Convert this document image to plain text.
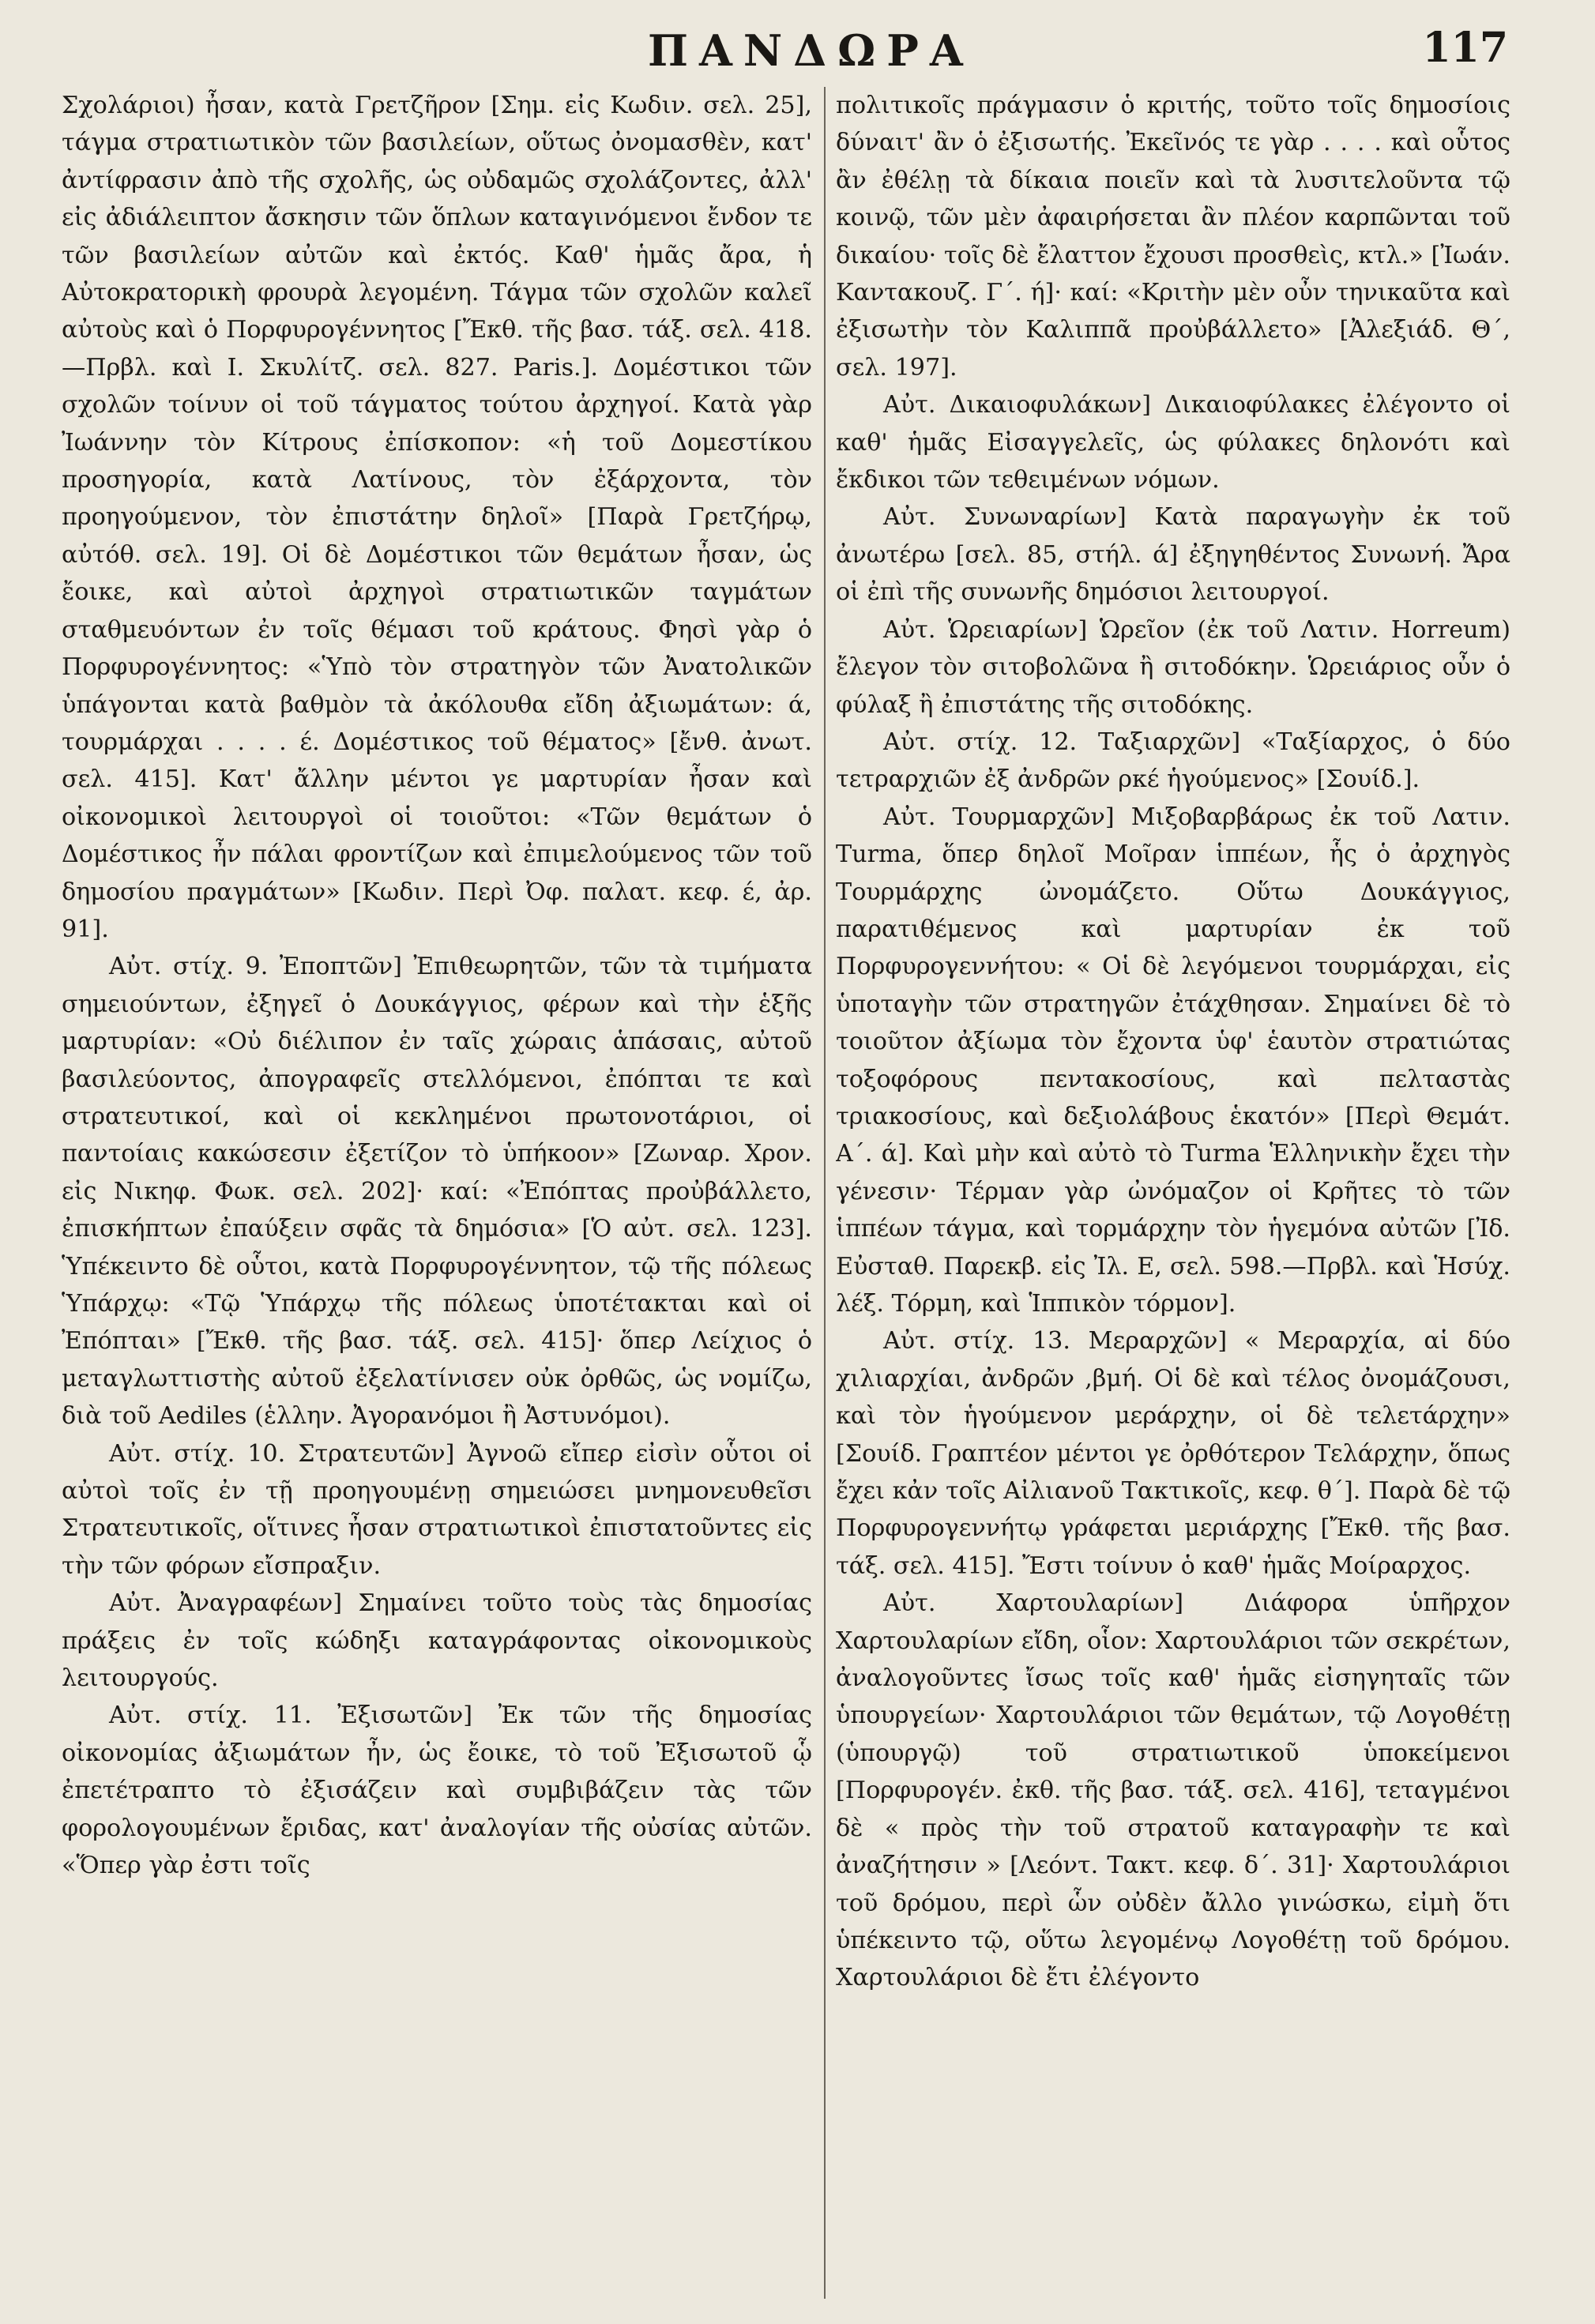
ΠΑΝΔΩΡΑ	117

Σχολάριοι) ἦσαν, κατὰ Γρετζῆρον [Σημ. εἰς Κωδιν. σελ. 25], τάγμα στρατιωτικὸν τῶν βασιλείων, οὕτως ὀνομασθὲν, κατ' ἀντίφρασιν ἀπὸ τῆς σχολῆς, ὡς οὐδαμῶς σχολάζοντες, ἀλλ' εἰς ἀδιάλειπτον ἄσκησιν τῶν ὅπλων καταγινόμενοι ἔνδον τε τῶν βασιλείων αὐτῶν καὶ ἐκτός. Καθ' ἡμᾶς ἄρα, ἡ Αὐτοκρατορικὴ φρουρὰ λεγομένη. Τάγμα τῶν σχολῶν καλεῖ αὐτοὺς καὶ ὁ Πορφυρογέννητος [Ἔκθ. τῆς βασ. τάξ. σελ. 418.—Πρβλ. καὶ Ι. Σκυλίτζ. σελ. 827. Paris.]. Δομέστικοι τῶν σχολῶν τοίνυν οἱ τοῦ τάγματος τούτου ἀρχηγοί. Κατὰ γὰρ Ἰωάννην τὸν Κίτρους ἐπίσκοπον: «ἡ τοῦ Δομεστίκου προσηγορία, κατὰ Λατίνους, τὸν ἐξάρχοντα, τὸν προηγούμενον, τὸν ἐπιστάτην δηλοῖ» [Παρὰ Γρετζήρῳ, αὐτόθ. σελ. 19]. Οἱ δὲ Δομέστικοι τῶν θεμάτων ἦσαν, ὡς ἔοικε, καὶ αὐτοὶ ἀρχηγοὶ στρατιωτικῶν ταγμάτων σταθμευόντων ἐν τοῖς θέμασι τοῦ κράτους. Φησὶ γὰρ ὁ Πορφυρογέννητος: «Ὑπὸ τὸν στρατηγὸν τῶν Ἀνατολικῶν ὑπάγονται κατὰ βαθμὸν τὰ ἀκόλουθα εἴδη ἀξιωμάτων: ά, τουρμάρχαι . . . . έ. Δομέστικος τοῦ θέματος» [ἔνθ. ἀνωτ. σελ. 415]. Κατ' ἄλλην μέντοι γε μαρτυρίαν ἦσαν καὶ οἰκονομικοὶ λειτουργοὶ οἱ τοιοῦτοι: «Τῶν θεμάτων ὁ Δομέστικος ἦν πάλαι φροντίζων καὶ ἐπιμελούμενος τῶν τοῦ δημοσίου πραγμάτων» [Κωδιν. Περὶ Ὀφ. παλατ. κεφ. έ, ἀρ. 91].

Αὐτ. στίχ. 9. Ἐποπτῶν] Ἐπιθεωρητῶν, τῶν τὰ τιμήματα σημειούντων, ἐξηγεῖ ὁ Δουκάγγιος, φέρων καὶ τὴν ἑξῆς μαρτυρίαν: «Οὐ διέλιπον ἐν ταῖς χώραις ἁπάσαις, αὐτοῦ βασιλεύοντος, ἀπογραφεῖς στελλόμενοι, ἐπόπται τε καὶ στρατευτικοί, καὶ οἱ κεκλημένοι πρωτονοτάριοι, οἱ παντοίαις κακώσεσιν ἐξετίζον τὸ ὑπήκοον» [Ζωναρ. Χρον. εἰς Νικηφ. Φωκ. σελ. 202]· καί: «Ἐπόπτας προὐβάλλετο, ἐπισκήπτων ἐπαύξειν σφᾶς τὰ δημόσια» [Ὁ αὐτ. σελ. 123]. Ὑπέκειντο δὲ οὗτοι, κατὰ Πορφυρογέννητον, τῷ τῆς πόλεως Ὑπάρχῳ: «Τῷ Ὑπάρχῳ τῆς πόλεως ὑποτέτακται καὶ οἱ Ἐπόπται» [Ἔκθ. τῆς βασ. τάξ. σελ. 415]· ὅπερ Λείχιος ὁ μεταγλωττιστὴς αὐτοῦ ἐξελατίνισεν οὐκ ὀρθῶς, ὡς νομίζω, διὰ τοῦ Aediles (ἑλλην. Ἀγορανόμοι ἢ Ἀστυνόμοι).

Αὐτ. στίχ. 10. Στρατευτῶν] Ἀγνοῶ εἴπερ εἰσὶν οὗτοι οἱ αὐτοὶ τοῖς ἐν τῇ προηγουμένῃ σημειώσει μνημονευθεῖσι Στρατευτικοῖς, οἵτινες ἦσαν στρατιωτικοὶ ἐπιστατοῦντες εἰς τὴν τῶν φόρων εἴσπραξιν.

Αὐτ. Ἀναγραφέων] Σημαίνει τοῦτο τοὺς τὰς δημοσίας πράξεις ἐν τοῖς κώδηξι καταγράφοντας οἰκονομικοὺς λειτουργούς.

Αὐτ. στίχ. 11. Ἐξισωτῶν] Ἐκ τῶν τῆς δημοσίας οἰκονομίας ἀξιωμάτων ἦν, ὡς ἔοικε, τὸ τοῦ Ἐξισωτοῦ ᾧ ἐπετέτραπτο τὸ ἐξισάζειν καὶ συμβιβάζειν τὰς τῶν φορολογουμένων ἔριδας, κατ' ἀναλογίαν τῆς οὐσίας αὐτῶν. «Ὅπερ γὰρ ἐστι τοῖς

πολιτικοῖς πράγμασιν ὁ κριτής, τοῦτο τοῖς δημοσίοις δύναιτ' ἂν ὁ ἐξισωτής. Ἐκεῖνός τε γὰρ . . . . καὶ οὗτος ἂν ἐθέλῃ τὰ δίκαια ποιεῖν καὶ τὰ λυσιτελοῦντα τῷ κοινῷ, τῶν μὲν ἀφαιρήσεται ἂν πλέον καρπῶνται τοῦ δικαίου· τοῖς δὲ ἔλαττον ἔχουσι προσθεὶς, κτλ.» [Ἰωάν. Καντακουζ. Γ΄. ή]· καί: «Κριτὴν μὲν οὖν τηνικαῦτα καὶ ἐξισωτὴν τὸν Καλιππᾶ προὐβάλλετο» [Ἀλεξιάδ. Θ΄, σελ. 197].

Αὐτ. Δικαιοφυλάκων] Δικαιοφύλακες ἐλέγοντο οἱ καθ' ἡμᾶς Εἰσαγγελεῖς, ὡς φύλακες δηλονότι καὶ ἔκδικοι τῶν τεθειμένων νόμων.

Αὐτ. Συνωναρίων] Κατὰ παραγωγὴν ἐκ τοῦ ἀνωτέρω [σελ. 85, στήλ. ά] ἐξηγηθέντος Συνωνή. Ἄρα οἱ ἐπὶ τῆς συνωνῆς δημόσιοι λειτουργοί.

Αὐτ. Ὡρειαρίων] Ὡρεῖον (ἐκ τοῦ Λατιν. Horreum) ἔλεγον τὸν σιτοβολῶνα ἢ σιτοδόκην. Ὡρειάριος οὖν ὁ φύλαξ ἢ ἐπιστάτης τῆς σιτοδόκης.

Αὐτ. στίχ. 12. Ταξιαρχῶν] «Ταξίαρχος, ὁ δύο τετραρχιῶν ἐξ ἀνδρῶν ρκέ ἡγούμενος» [Σουίδ.].

Αὐτ. Τουρμαρχῶν] Μιξοβαρβάρως ἐκ τοῦ Λατιν. Turma, ὅπερ δηλοῖ Μοῖραν ἱππέων, ἧς ὁ ἀρχηγὸς Τουρμάρχης ὠνομάζετο. Οὕτω Δουκάγγιος, παρατιθέμενος καὶ μαρτυρίαν ἐκ τοῦ Πορφυρογεννήτου: « Οἱ δὲ λεγόμενοι τουρμάρχαι, εἰς ὑποταγὴν τῶν στρατηγῶν ἐτάχθησαν. Σημαίνει δὲ τὸ τοιοῦτον ἀξίωμα τὸν ἔχοντα ὑφ' ἑαυτὸν στρατιώτας τοξοφόρους πεντακοσίους, καὶ πελταστὰς τριακοσίους, καὶ δεξιολάβους ἑκατόν» [Περὶ Θεμάτ. Α΄. ά]. Καὶ μὴν καὶ αὐτὸ τὸ Turma Ἑλληνικὴν ἔχει τὴν γένεσιν· Τέρμαν γὰρ ὠνόμαζον οἱ Κρῆτες τὸ τῶν ἱππέων τάγμα, καὶ τορμάρχην τὸν ἡγεμόνα αὐτῶν [Ἰδ. Εὐσταθ. Παρεκβ. εἰς Ἰλ. Ε, σελ. 598.—Πρβλ. καὶ Ἡσύχ. λέξ. Τόρμη, καὶ Ἱππικὸν τόρμον].

Αὐτ. στίχ. 13. Μεραρχῶν] « Μεραρχία, αἱ δύο χιλιαρχίαι, ἀνδρῶν ,βμή. Οἱ δὲ καὶ τέλος ὀνομάζουσι, καὶ τὸν ἡγούμενον μεράρχην, οἱ δὲ τελετάρχην» [Σουίδ. Γραπτέον μέντοι γε ὀρθότερον Τελάρχην, ὅπως ἔχει κἀν τοῖς Αἰλιανοῦ Τακτικοῖς, κεφ. θ΄]. Παρὰ δὲ τῷ Πορφυρογεννήτῳ γράφεται μεριάρχης [Ἔκθ. τῆς βασ. τάξ. σελ. 415]. Ἔστι τοίνυν ὁ καθ' ἡμᾶς Μοίραρχος.

Αὐτ. Χαρτουλαρίων] Διάφορα ὑπῆρχον Χαρτουλαρίων εἴδη, οἷον: Χαρτουλάριοι τῶν σεκρέτων, ἀναλογοῦντες ἴσως τοῖς καθ' ἡμᾶς εἰσηγηταῖς τῶν ὑπουργείων· Χαρτουλάριοι τῶν θεμάτων, τῷ Λογοθέτῃ (ὑπουργῷ) τοῦ στρατιωτικοῦ ὑποκείμενοι [Πορφυρογέν. ἐκθ. τῆς βασ. τάξ. σελ. 416], τεταγμένοι δὲ « πρὸς τὴν τοῦ στρατοῦ καταγραφὴν τε καὶ ἀναζήτησιν » [Λεόντ. Τακτ. κεφ. δ΄. 31]· Χαρτουλάριοι τοῦ δρόμου, περὶ ὧν οὐδὲν ἄλλο γινώσκω, εἰμὴ ὅτι ὑπέκειντο τῷ, οὕτω λεγομένῳ Λογοθέτῃ τοῦ δρόμου. Χαρτουλάριοι δὲ ἔτι ἐλέγοντο
